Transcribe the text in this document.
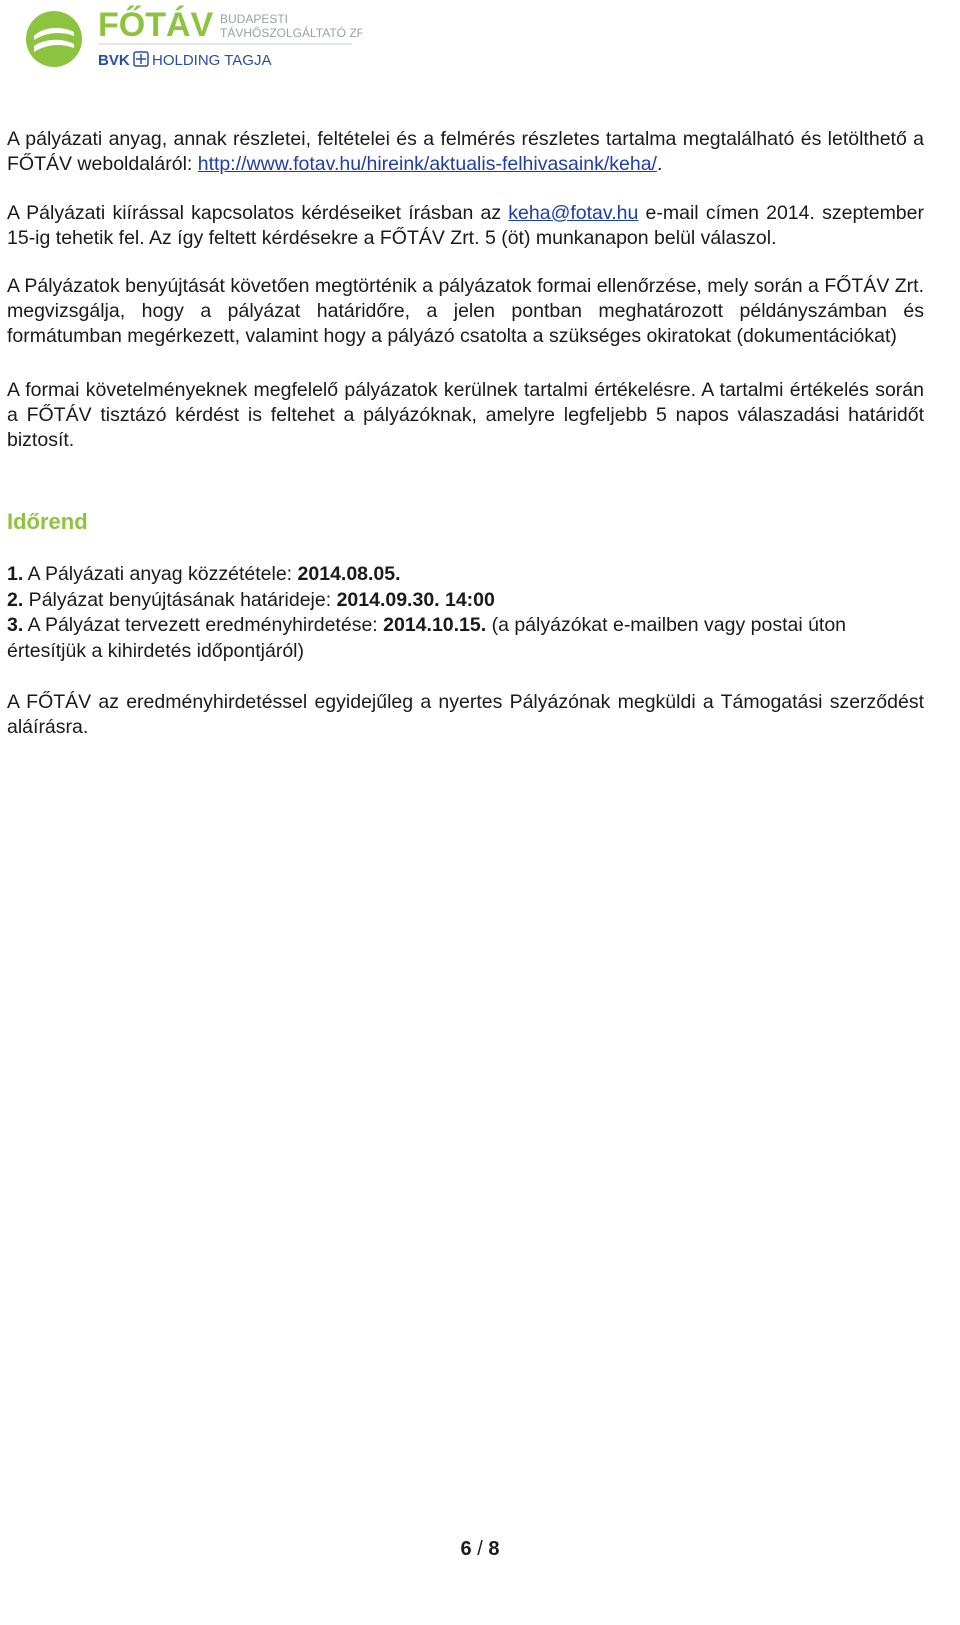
FŐTÁV BUDAPESTI
TÁVHŐSZOLGÁLTATÓ ZRT.
BVK HOLDING TAGJA

A pályázati anyag, annak részletei, feltételei és a felmérés részletes tartalma megtalálható és letölthető a FŐTÁV weboldaláról: http://www.fotav.hu/hireink/aktualis-felhivasaink/keha/.

A Pályázati kiírással kapcsolatos kérdéseiket írásban az keha@fotav.hu e-mail címen 2014. szeptember 15-ig tehetik fel. Az így feltett kérdésekre a FŐTÁV Zrt. 5 (öt) munkanapon belül válaszol.

A Pályázatok benyújtását követően megtörténik a pályázatok formai ellenőrzése, mely során a FŐTÁV Zrt. megvizsgálja, hogy a pályázat határidőre, a jelen pontban meghatározott példányszámban és formátumban megérkezett, valamint hogy a pályázó csatolta a szükséges okiratokat (dokumentációkat)

A formai követelményeknek megfelelő pályázatok kerülnek tartalmi értékelésre. A tartalmi értékelés során a FŐTÁV tisztázó kérdést is feltehet a pályázóknak, amelyre legfeljebb 5 napos válaszadási határidőt biztosít.

Időrend
1. A Pályázati anyag közzététele: 2014.08.05.
2. Pályázat benyújtásának határideje: 2014.09.30. 14:00
3. A Pályázat tervezett eredményhirdetése: 2014.10.15. (a pályázókat e-mailben vagy postai úton értesítjük a kihirdetés időpontjáról)

A FŐTÁV az eredményhirdetéssel egyidejűleg a nyertes Pályázónak megküldi a Támogatási szerződést aláírásra.

6 / 8
